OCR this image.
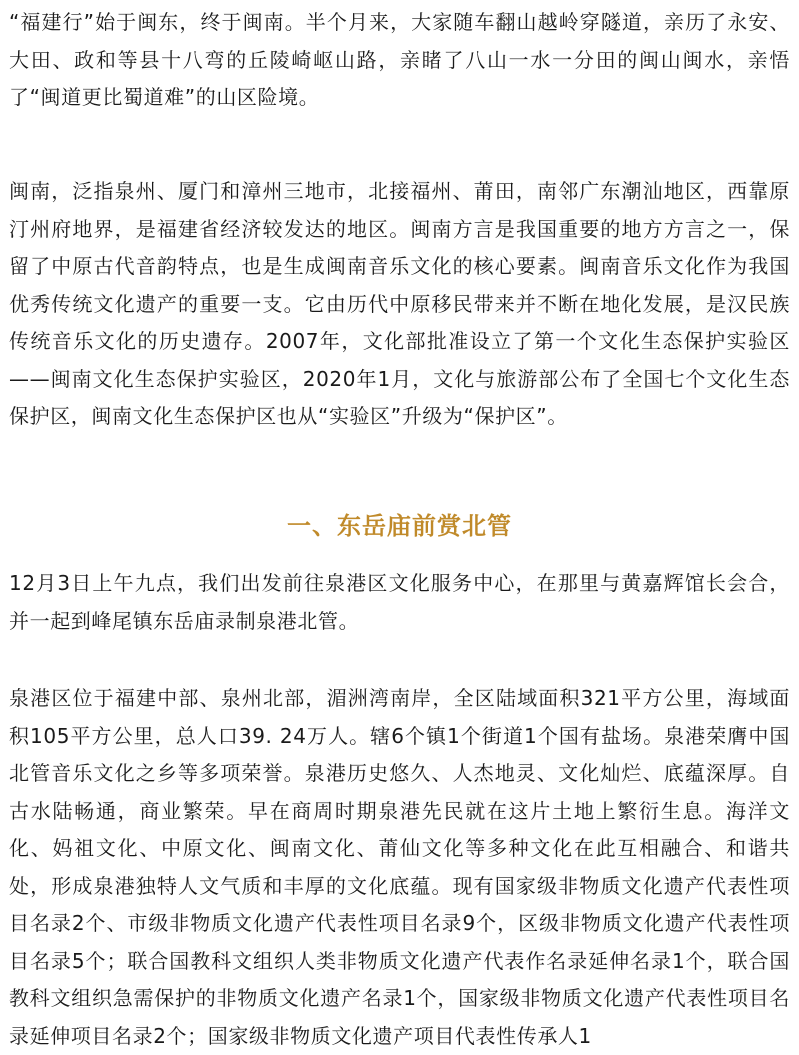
“福建行”始于闽东，终于闽南。半个月来，大家随车翻山越岭穿隧道，亲历了永安、大田、政和等县十八弯的丘陵崎岖山路，亲睹了八山一水一分田的闽山闽水，亲悟了“闽道更比蜀道难”的山区险境。

闽南，泛指泉州、厦门和漳州三地市，北接福州、莆田，南邻广东潮汕地区，西靠原汀州府地界，是福建省经济较发达的地区。闽南方言是我国重要的地方方言之一，保留了中原古代音韵特点，也是生成闽南音乐文化的核心要素。闽南音乐文化作为我国优秀传统文化遗产的重要一支。它由历代中原移民带来并不断在地化发展，是汉民族传统音乐文化的历史遗存。2007年，文化部批准设立了第一个文化生态保护实验区——闽南文化生态保护实验区，2020年1月，文化与旅游部公布了全国七个文化生态保护区，闽南文化生态保护区也从“实验区”升级为“保护区”。

一、东岳庙前赏北管

12月3日上午九点，我们出发前往泉港区文化服务中心，在那里与黄嘉辉馆长会合，并一起到峰尾镇东岳庙录制泉港北管。

泉港区位于福建中部、泉州北部，湄洲湾南岸，全区陆域面积321平方公里，海域面积105平方公里，总人口39. 24万人。辖6个镇1个街道1个国有盐场。泉港荣膺中国北管音乐文化之乡等多项荣誉。泉港历史悠久、人杰地灵、文化灿烂、底蕴深厚。自古水陆畅通，商业繁荣。早在商周时期泉港先民就在这片土地上繁衍生息。海洋文化、妈祖文化、中原文化、闽南文化、莆仙文化等多种文化在此互相融合、和谐共处，形成泉港独特人文气质和丰厚的文化底蕴。现有国家级非物质文化遗产代表性项目名录2个、市级非物质文化遗产代表性项目名录9个，区级非物质文化遗产代表性项目名录5个；联合国教科文组织人类非物质文化遗产代表作名录延伸名录1个，联合国教科文组织急需保护的非物质文化遗产名录1个，国家级非物质文化遗产代表性项目名录延伸项目名录2个；国家级非物质文化遗产项目代表性传承人1
